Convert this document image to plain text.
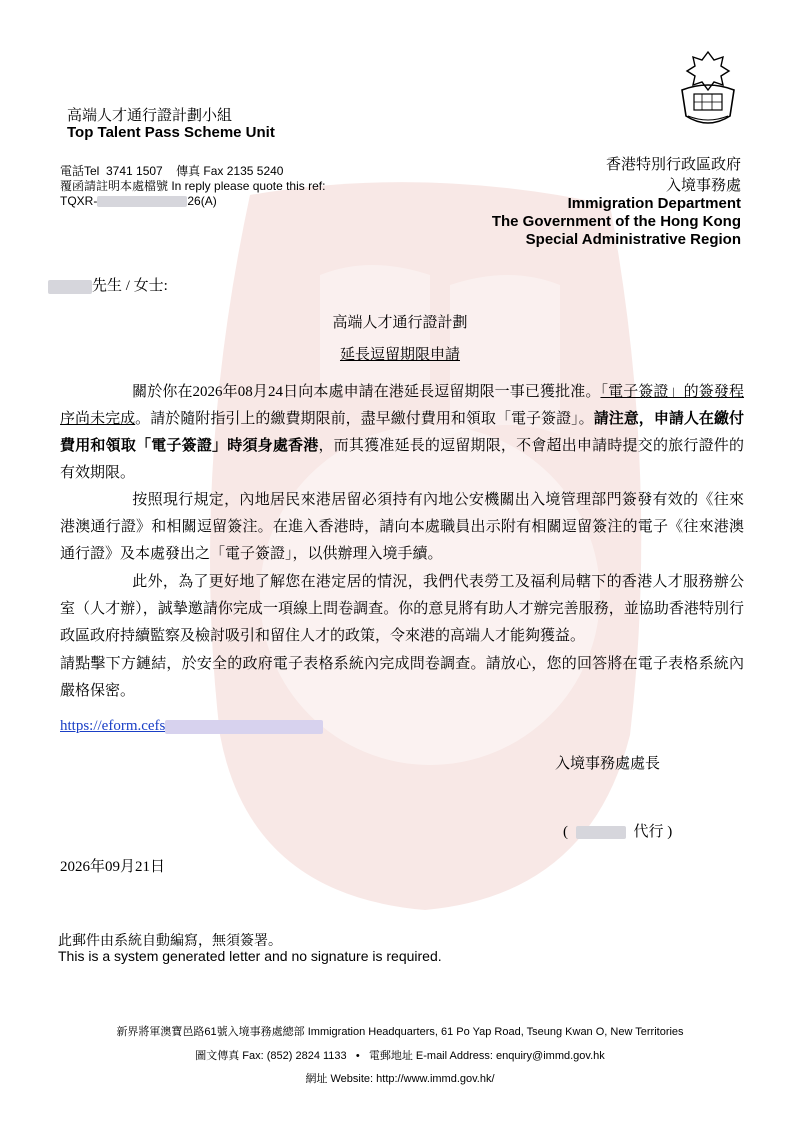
高端人才通行證計劃小組
Top Talent Pass Scheme Unit
電話Tel  3741 1507    傳真 Fax 2135 5240
覆函請註明本處檔號 In reply please quote this ref:
TQXR-	26(A)
香港特別行政區政府
入境事務處
Immigration Department
The Government of the Hong Kong
Special Administrative Region
先生 / 女士:
高端人才通行證計劃
延長逗留期限申請
關於你在2026年08月24日向本處申請在港延長逗留期限一事已獲批准。「電子簽證」的簽發程序尚未完成。請於隨附指引上的繳費期限前，盡早繳付費用和領取「電子簽證」。請注意，申請人在繳付費用和領取「電子簽證」時須身處香港，而其獲准延長的逗留期限，不會超出申請時提交的旅行證件的有效期限。
按照現行規定，內地居民來港居留必須持有內地公安機關出入境管理部門簽發有效的《往來港澳通行證》和相關逗留簽注。在進入香港時，請向本處職員出示附有相關逗留簽注的電子《往來港澳通行證》及本處發出之「電子簽證」，以供辦理入境手續。
此外，為了更好地了解您在港定居的情況，我們代表勞工及福利局轄下的香港人才服務辦公室（人才辦），誠摯邀請你完成一項線上問卷調查。你的意見將有助人才辦完善服務，並協助香港特別行政區政府持續監察及檢討吸引和留住人才的政策，令來港的高端人才能夠獲益。
請點擊下方鏈結，於安全的政府電子表格系統內完成問卷調查。請放心，您的回答將在電子表格系統內嚴格保密。
https://eform.cefs
入境事務處處長
(	代行 )
2026年09月21日
此郵件由系統自動編寫，無須簽署。
This is a system generated letter and no signature is required.
新界將軍澳寶邑路61號入境事務處總部 Immigration Headquarters, 61 Po Yap Road, Tseung Kwan O, New Territories
圖文傳真 Fax: (852) 2824 1133   •   電郵地址 E-mail Address: enquiry@immd.gov.hk
網址 Website: http://www.immd.gov.hk/
